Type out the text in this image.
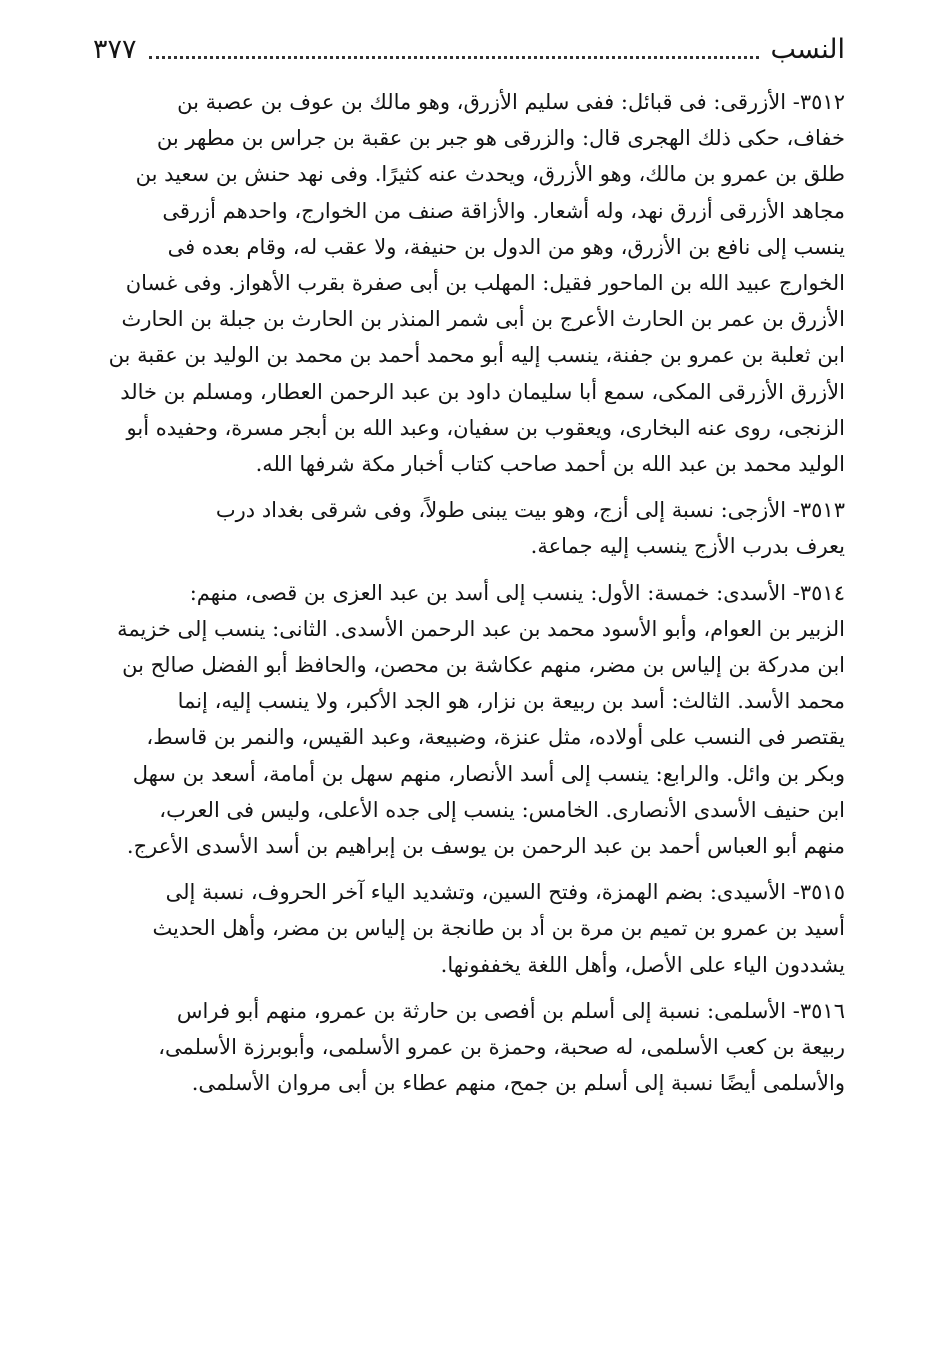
النسب
٣٧٧
٣٥١٢- الأزرقى: فى قبائل: ففى سليم الأزرق، وهو مالك بن عوف بن عصبة بن
خفاف، حكى ذلك الهجرى قال: والزرقى هو جبر بن عقبة بن جراس بن مطهر بن
طلق بن عمرو بن مالك، وهو الأزرق، ويحدث عنه كثيرًا. وفى نهد حنش بن سعيد بن
مجاهد الأزرقى أزرق نهد، وله أشعار. والأزاقة صنف من الخوارج، واحدهم أزرقى
ينسب إلى نافع بن الأزرق، وهو من الدول بن حنيفة، ولا عقب له، وقام بعده فى
الخوارج عبيد الله بن الماحور فقيل: المهلب بن أبى صفرة بقرب الأهواز. وفى غسان
الأزرق بن عمر بن الحارث الأعرج بن أبى شمر المنذر بن الحارث بن جبلة بن الحارث
ابن ثعلبة بن عمرو بن جفنة، ينسب إليه أبو محمد أحمد بن محمد بن الوليد بن عقبة بن
الأزرق الأزرقى المكى، سمع أبا سليمان داود بن عبد الرحمن العطار، ومسلم بن خالد
الزنجى، روى عنه البخارى، ويعقوب بن سفيان، وعبد الله بن أبجر مسرة، وحفيده أبو
الوليد محمد بن عبد الله بن أحمد صاحب كتاب أخبار مكة شرفها الله.
٣٥١٣- الأزجى: نسبة إلى أزج، وهو بيت يبنى طولاً، وفى شرقى بغداد درب
يعرف بدرب الأزج ينسب إليه جماعة.
٣٥١٤- الأسدى: خمسة: الأول: ينسب إلى أسد بن عبد العزى بن قصى، منهم:
الزبير بن العوام، وأبو الأسود محمد بن عبد الرحمن الأسدى. الثانى: ينسب إلى خزيمة
ابن مدركة بن إلياس بن مضر، منهم عكاشة بن محصن، والحافظ أبو الفضل صالح بن
محمد الأسد. الثالث: أسد بن ربيعة بن نزار، هو الجد الأكبر، ولا ينسب إليه، إنما
يقتصر فى النسب على أولاده، مثل عنزة، وضبيعة، وعبد القيس، والنمر بن قاسط،
وبكر بن وائل. والرابع: ينسب إلى أسد الأنصار، منهم سهل بن أمامة، أسعد بن سهل
ابن حنيف الأسدى الأنصارى. الخامس: ينسب إلى جده الأعلى، وليس فى العرب،
منهم أبو العباس أحمد بن عبد الرحمن بن يوسف بن إبراهيم بن أسد الأسدى الأعرج.
٣٥١٥- الأسيدى: بضم الهمزة، وفتح السين، وتشديد الياء آخر الحروف، نسبة إلى
أسيد بن عمرو بن تميم بن مرة بن أد بن طانجة بن إلياس بن مضر، وأهل الحديث
يشددون الياء على الأصل، وأهل اللغة يخففونها.
٣٥١٦- الأسلمى: نسبة إلى أسلم بن أفصى بن حارثة بن عمرو، منهم أبو فراس
ربيعة بن كعب الأسلمى، له صحبة، وحمزة بن عمرو الأسلمى، وأبوبرزة الأسلمى،
والأسلمى أيضًا نسبة إلى أسلم بن جمح، منهم عطاء بن أبى مروان الأسلمى.
